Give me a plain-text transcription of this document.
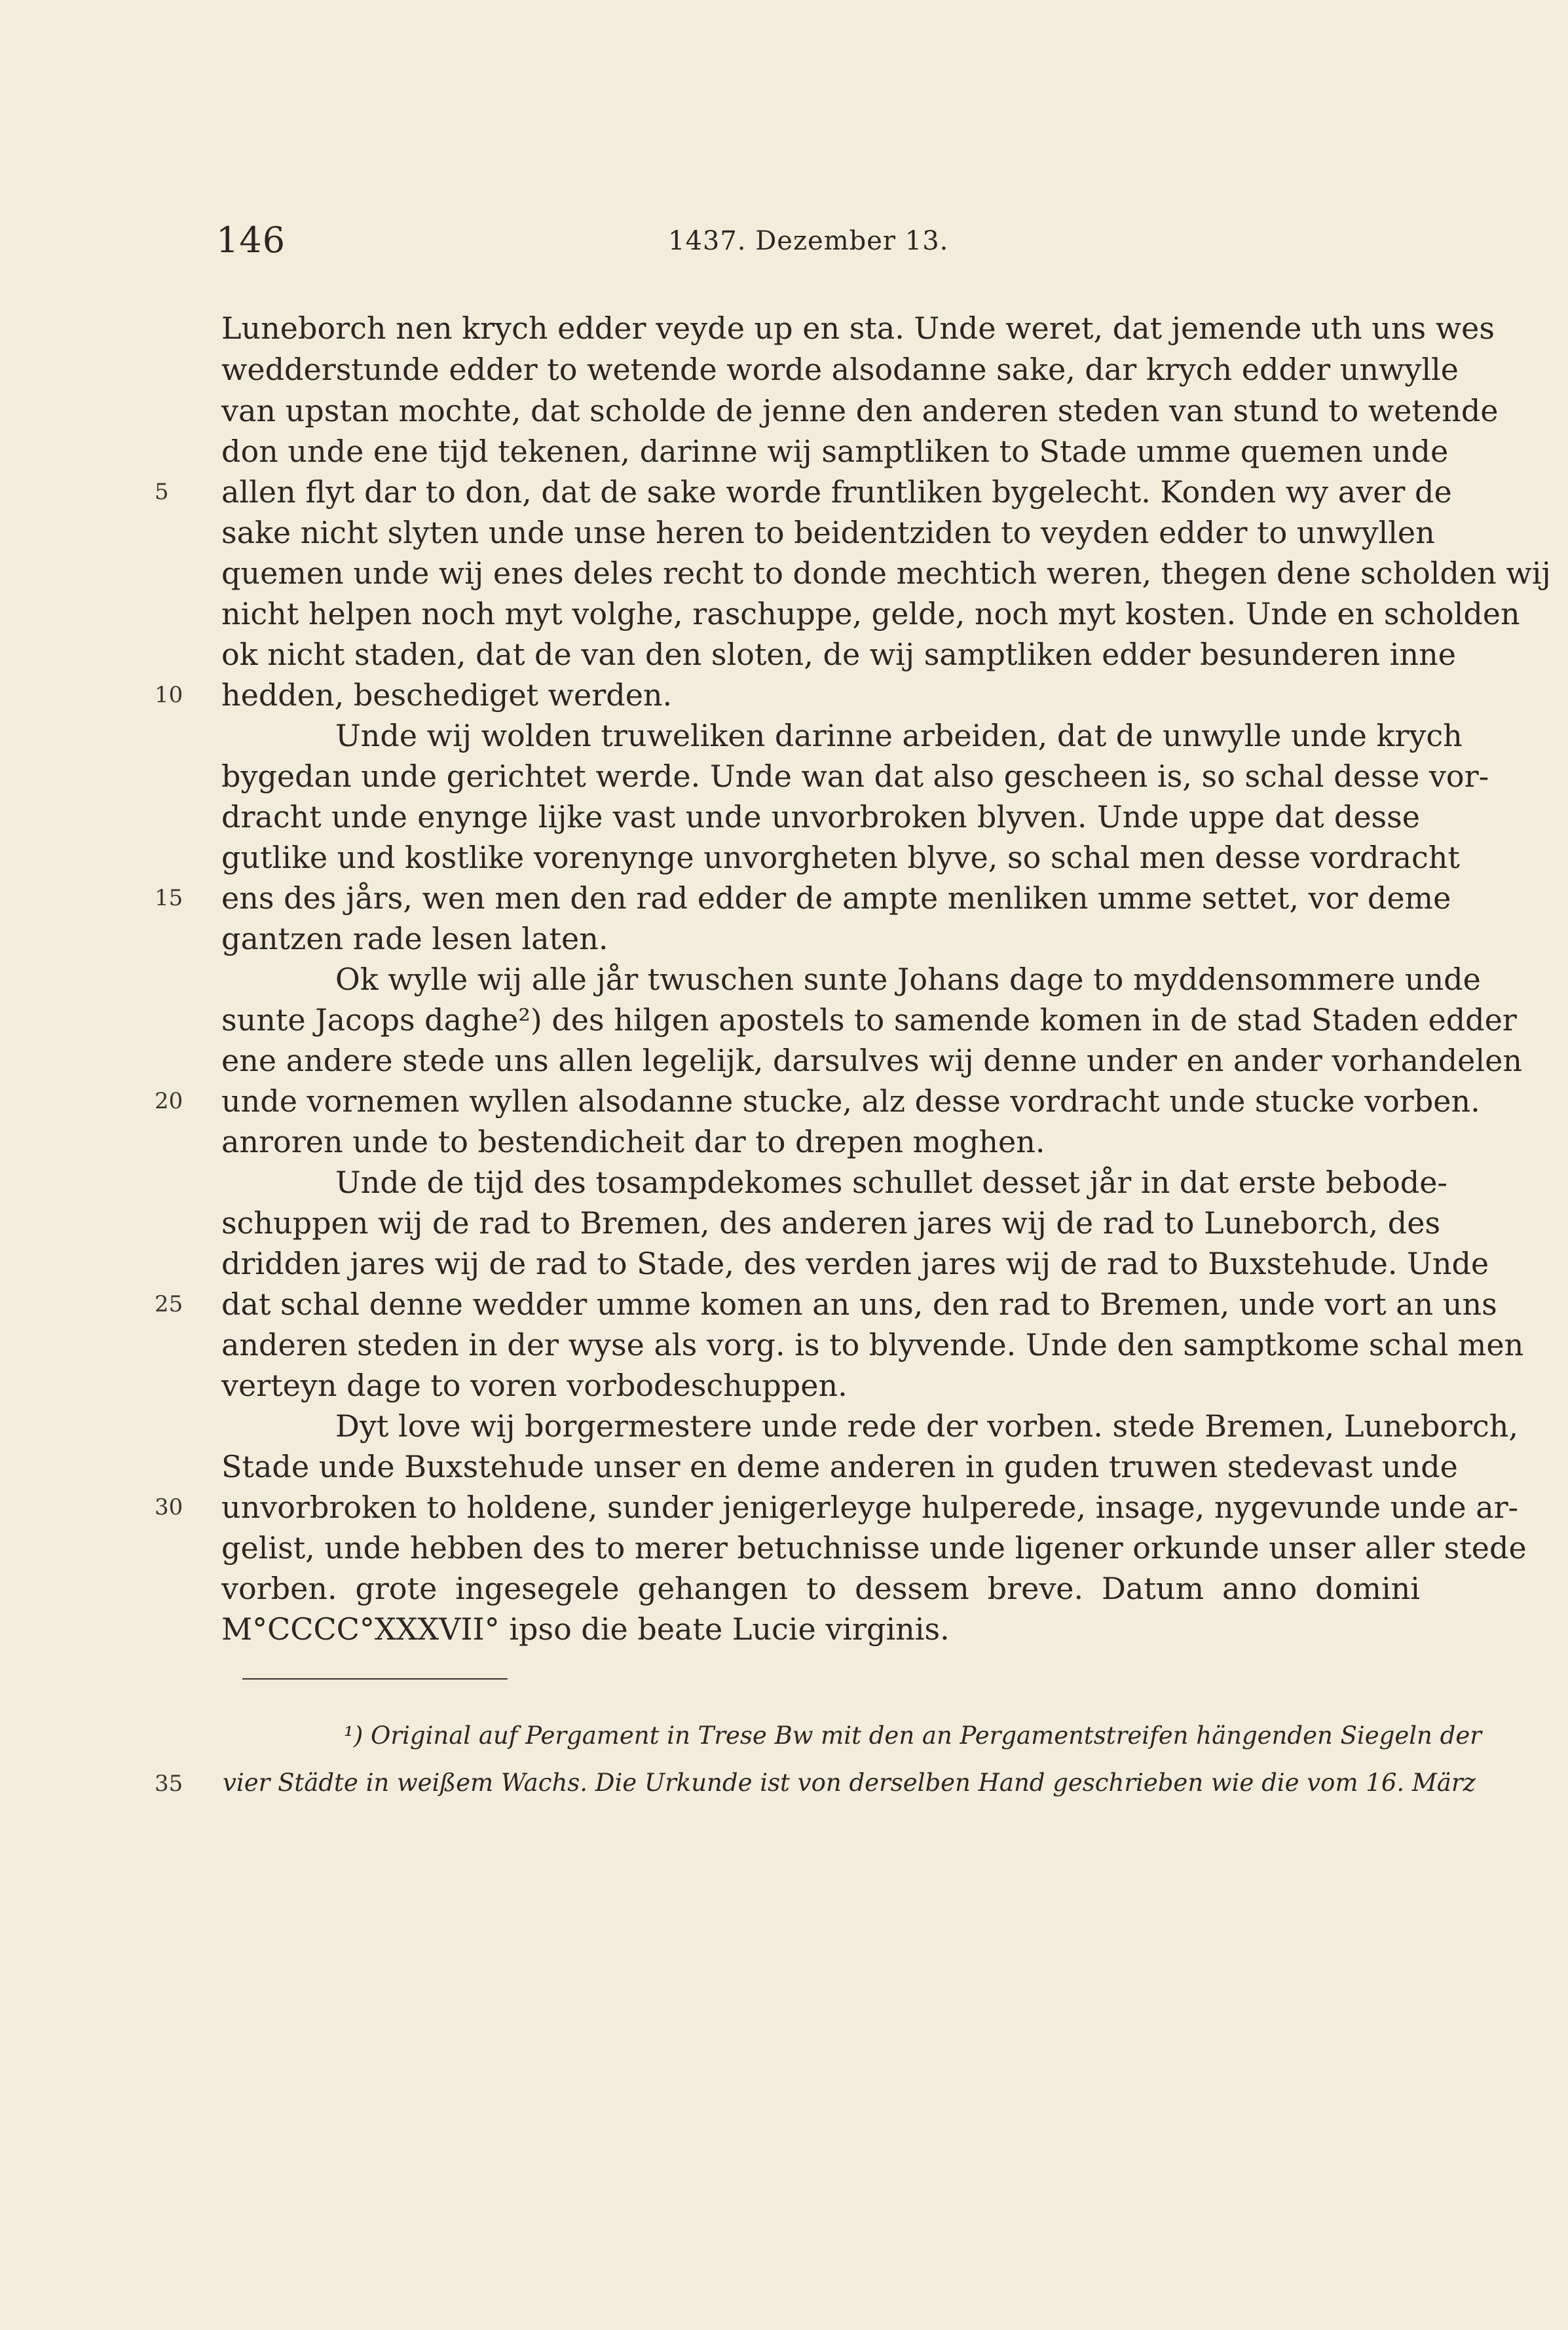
146	1437. Dezember 13.
Luneborch nen krych edder veyde up en sta. Unde weret, dat jemende uth uns wes
wedderstunde edder to wetende worde alsodanne sake, dar krych edder unwylle
van upstan mochte, dat scholde de jenne den anderen steden van stund to wetende
don unde ene tijd tekenen, darinne wij samptliken to Stade umme quemen unde
allen flyt dar to don, dat de sake worde fruntliken bygelecht. Konden wy aver de
sake nicht slyten unde unse heren to beidentziden to veyden edder to unwyllen
quemen unde wij enes deles recht to donde mechtich weren, thegen dene scholden wij
nicht helpen noch myt volghe, raschuppe, gelde, noch myt kosten. Unde en scholden
ok nicht staden, dat de van den sloten, de wij samptliken edder besunderen inne
hedden, beschediget werden.
Unde wij wolden truweliken darinne arbeiden, dat de unwylle unde krych
bygedan unde gerichtet werde. Unde wan dat also gescheen is, so schal desse vor-
dracht unde enynge lijke vast unde unvorbroken blyven. Unde uppe dat desse
gutlike und kostlike vorenynge unvorgheten blyve, so schal men desse vordracht
ens des jårs, wen men den rad edder de ampte menliken umme settet, vor deme
gantzen rade lesen laten.
Ok wylle wij alle jår twuschen sunte Johans dage to myddensommere unde
sunte Jacops daghe²) des hilgen apostels to samende komen in de stad Staden edder
ene andere stede uns allen legelijk, darsulves wij denne under en ander vorhandelen
unde vornemen wyllen alsodanne stucke, alz desse vordracht unde stucke vorben.
anroren unde to bestendicheit dar to drepen moghen.
Unde de tijd des tosampdekomes schullet desset jår in dat erste bebode-
schuppen wij de rad to Bremen, des anderen jares wij de rad to Luneborch, des
dridden jares wij de rad to Stade, des verden jares wij de rad to Buxstehude. Unde
dat schal denne wedder umme komen an uns, den rad to Bremen, unde vort an uns
anderen steden in der wyse als vorg. is to blyvende. Unde den samptkome schal men
verteyn dage to voren vorbodeschuppen.
Dyt love wij borgermestere unde rede der vorben. stede Bremen, Luneborch,
Stade unde Buxstehude unser en deme anderen in guden truwen stedevast unde
unvorbroken to holdene, sunder jenigerleyge hulperede, insage, nygevunde unde ar-
gelist, unde hebben des to merer betuchnisse unde ligener orkunde unser aller stede
vorben. grote ingesegele gehangen to dessem breve. Datum anno domini
M°CCCC°XXXVII° ipso die beate Lucie virginis.
5
10
15
20
25
30
35
¹) Original auf Pergament in Trese Bw mit den an Pergamentstreifen hängenden Siegeln der
vier Städte in weißem Wachs. Die Urkunde ist von derselben Hand geschrieben wie die vom 16. März
